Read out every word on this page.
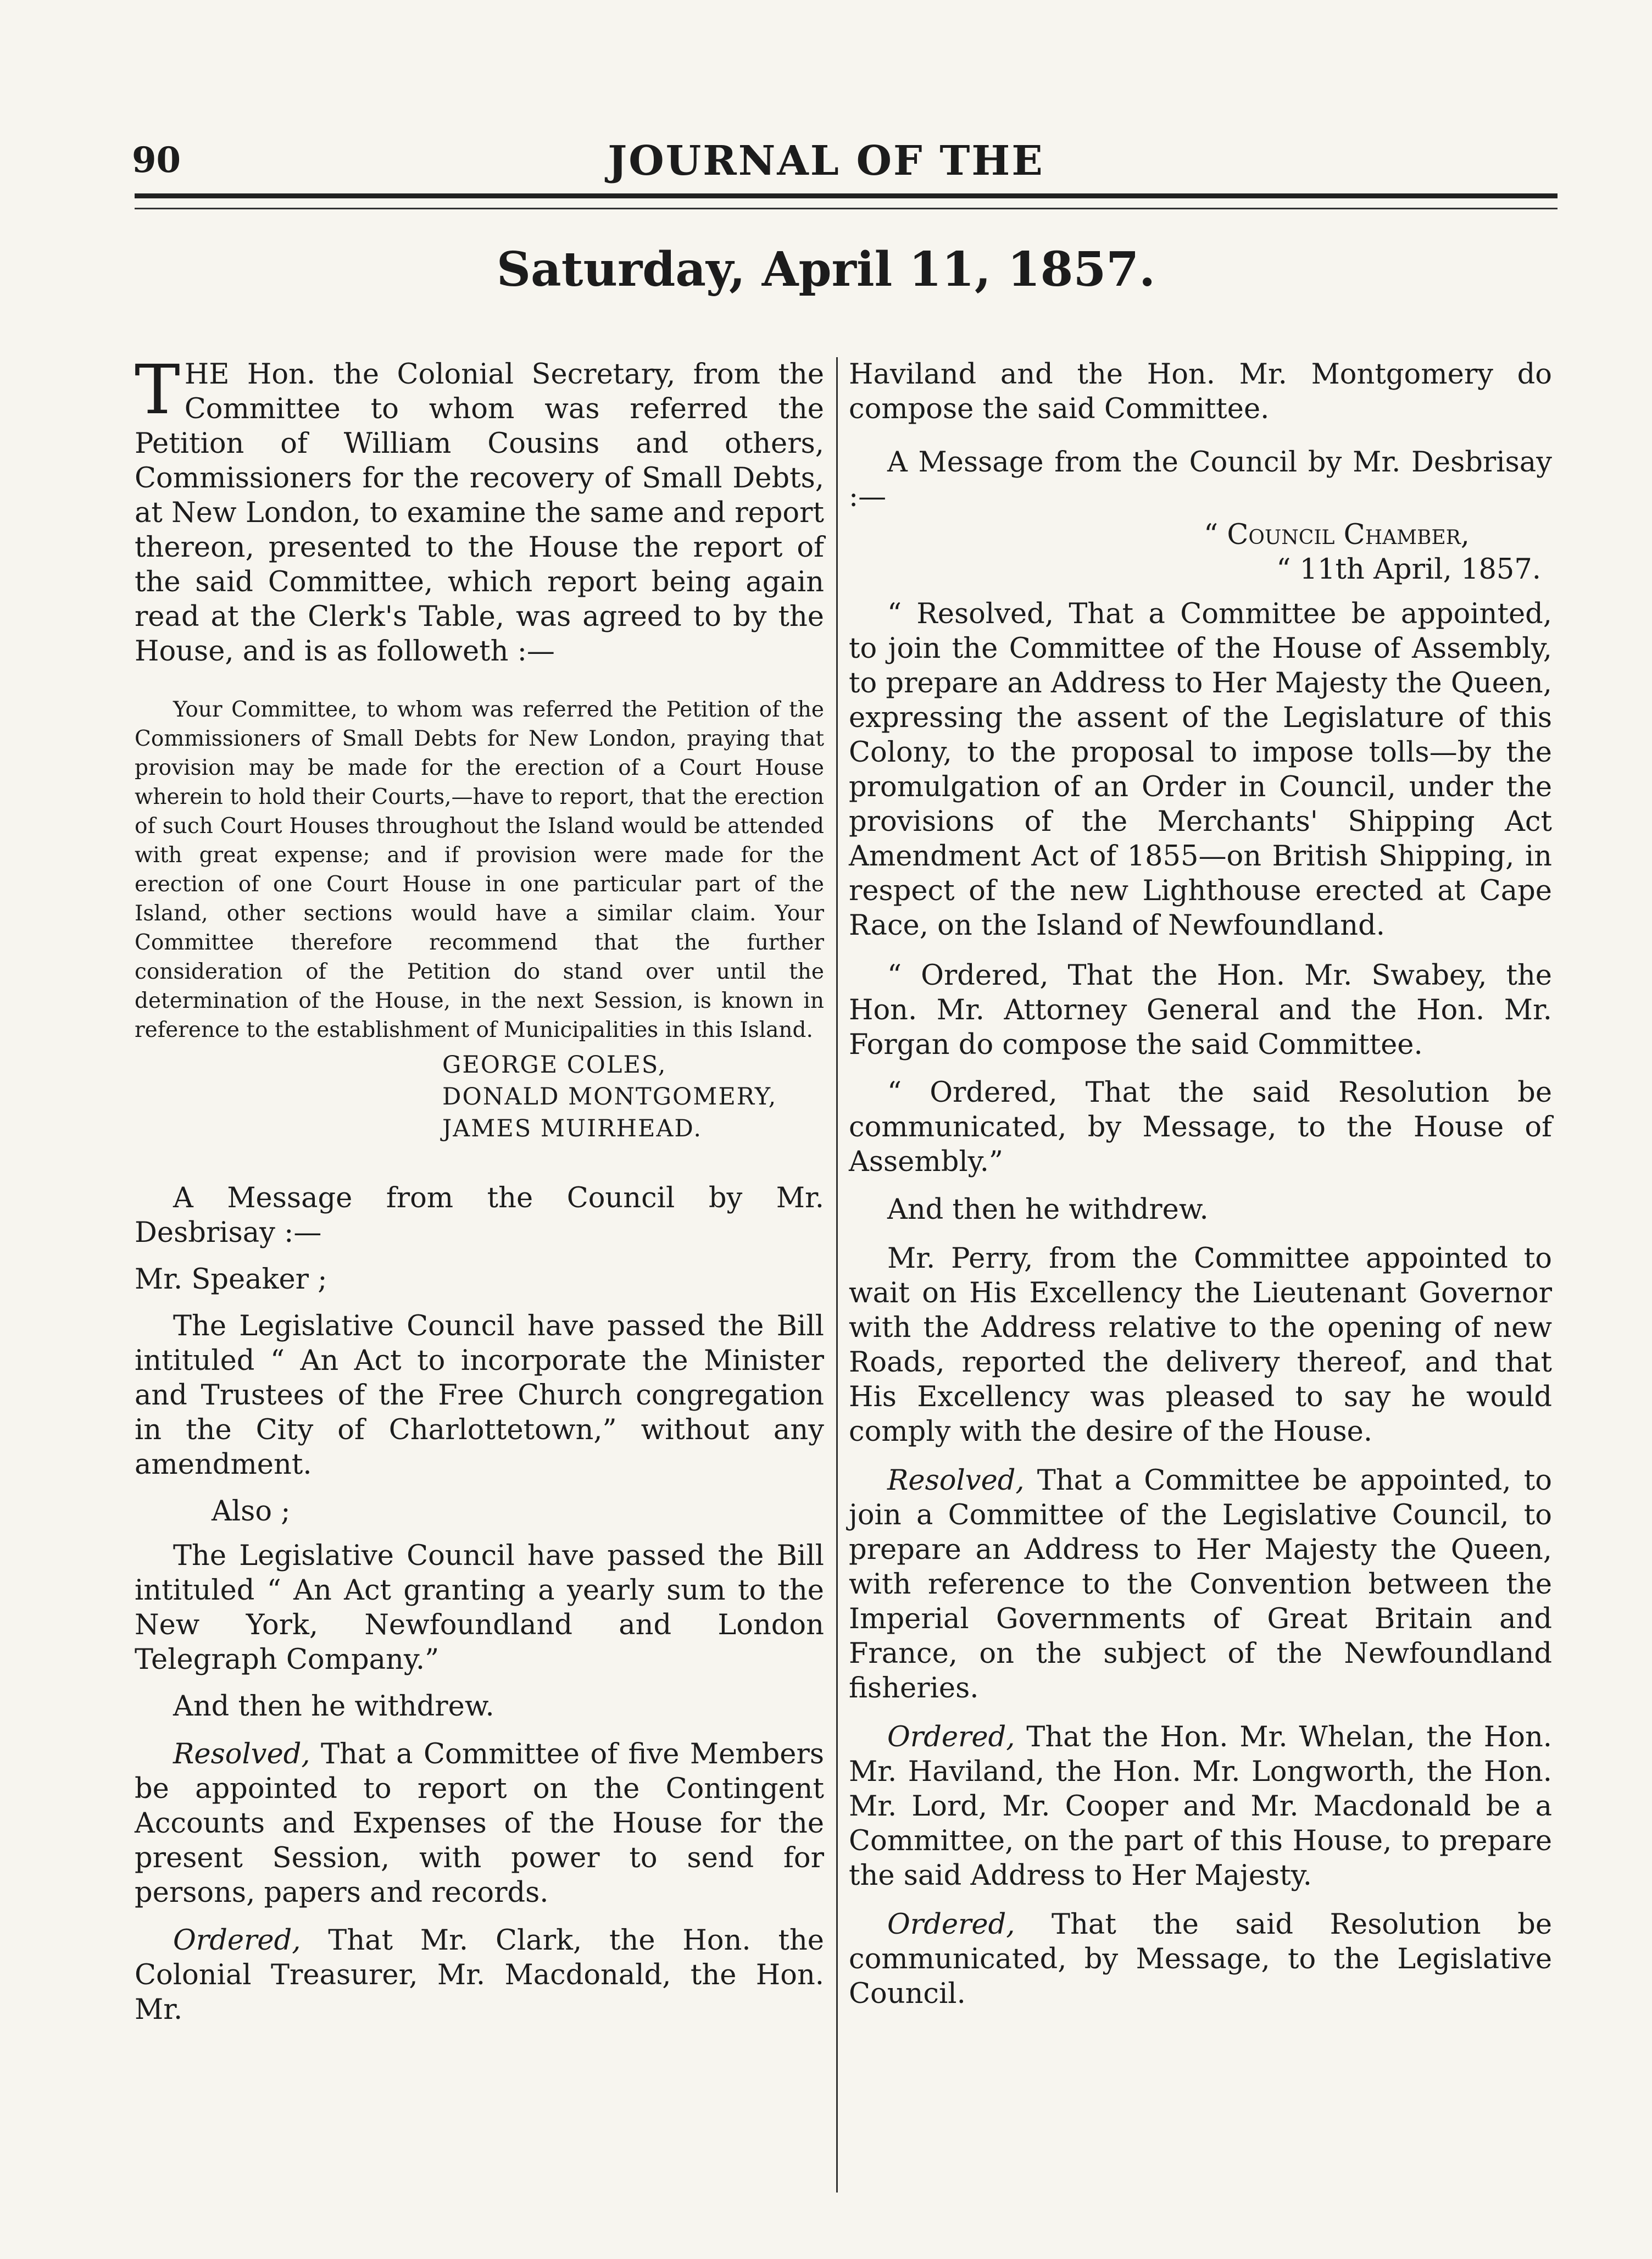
90	JOURNAL OF THE
Saturday, April 11, 1857.

THE Hon. the Colonial Secretary, from the Committee to whom was referred the Petition of William Cousins and others, Commissioners for the recovery of Small Debts, at New London, to examine the same and report thereon, presented to the House the report of the said Committee, which report being again read at the Clerk's Table, was agreed to by the House, and is as followeth :—

Your Committee, to whom was referred the Petition of the Commissioners of Small Debts for New London, praying that provision may be made for the erection of a Court House wherein to hold their Courts,—have to report, that the erection of such Court Houses throughout the Island would be attended with great expense; and if provision were made for the erection of one Court House in one particular part of the Island, other sections would have a similar claim. Your Committee therefore recommend that the further consideration of the Petition do stand over until the determination of the House, in the next Session, is known in reference to the establishment of Municipalities in this Island.

GEORGE COLES,
DONALD MONTGOMERY,
JAMES MUIRHEAD.

A Message from the Council by Mr. Desbrisay :—

Mr. Speaker ;

The Legislative Council have passed the Bill intituled “ An Act to incorporate the Minister and Trustees of the Free Church congregation in the City of Charlottetown,” without any amendment.

Also ;

The Legislative Council have passed the Bill intituled “ An Act granting a yearly sum to the New York, Newfoundland and London Telegraph Company.”

And then he withdrew.

Resolved, That a Committee of five Members be appointed to report on the Contingent Accounts and Expenses of the House for the present Session, with power to send for persons, papers and records.

Ordered, That Mr. Clark, the Hon. the Colonial Treasurer, Mr. Macdonald, the Hon. Mr.

Haviland and the Hon. Mr. Montgomery do compose the said Committee.

A Message from the Council by Mr. Desbrisay :—

“ Council Chamber,

“ 11th April, 1857.

“ Resolved, That a Committee be appointed, to join the Committee of the House of Assembly, to prepare an Address to Her Majesty the Queen, expressing the assent of the Legislature of this Colony, to the proposal to impose tolls—by the promulgation of an Order in Council, under the provisions of the Merchants' Shipping Act Amendment Act of 1855—on British Shipping, in respect of the new Lighthouse erected at Cape Race, on the Island of Newfoundland.

“ Ordered, That the Hon. Mr. Swabey, the Hon. Mr. Attorney General and the Hon. Mr. Forgan do compose the said Committee.

“ Ordered, That the said Resolution be communicated, by Message, to the House of Assembly.”

And then he withdrew.

Mr. Perry, from the Committee appointed to wait on His Excellency the Lieutenant Governor with the Address relative to the opening of new Roads, reported the delivery thereof, and that His Excellency was pleased to say he would comply with the desire of the House.

Resolved, That a Committee be appointed, to join a Committee of the Legislative Council, to prepare an Address to Her Majesty the Queen, with reference to the Convention between the Imperial Governments of Great Britain and France, on the subject of the Newfoundland fisheries.

Ordered, That the Hon. Mr. Whelan, the Hon. Mr. Haviland, the Hon. Mr. Longworth, the Hon. Mr. Lord, Mr. Cooper and Mr. Macdonald be a Committee, on the part of this House, to prepare the said Address to Her Majesty.

Ordered, That the said Resolution be communicated, by Message, to the Legislative Council.
